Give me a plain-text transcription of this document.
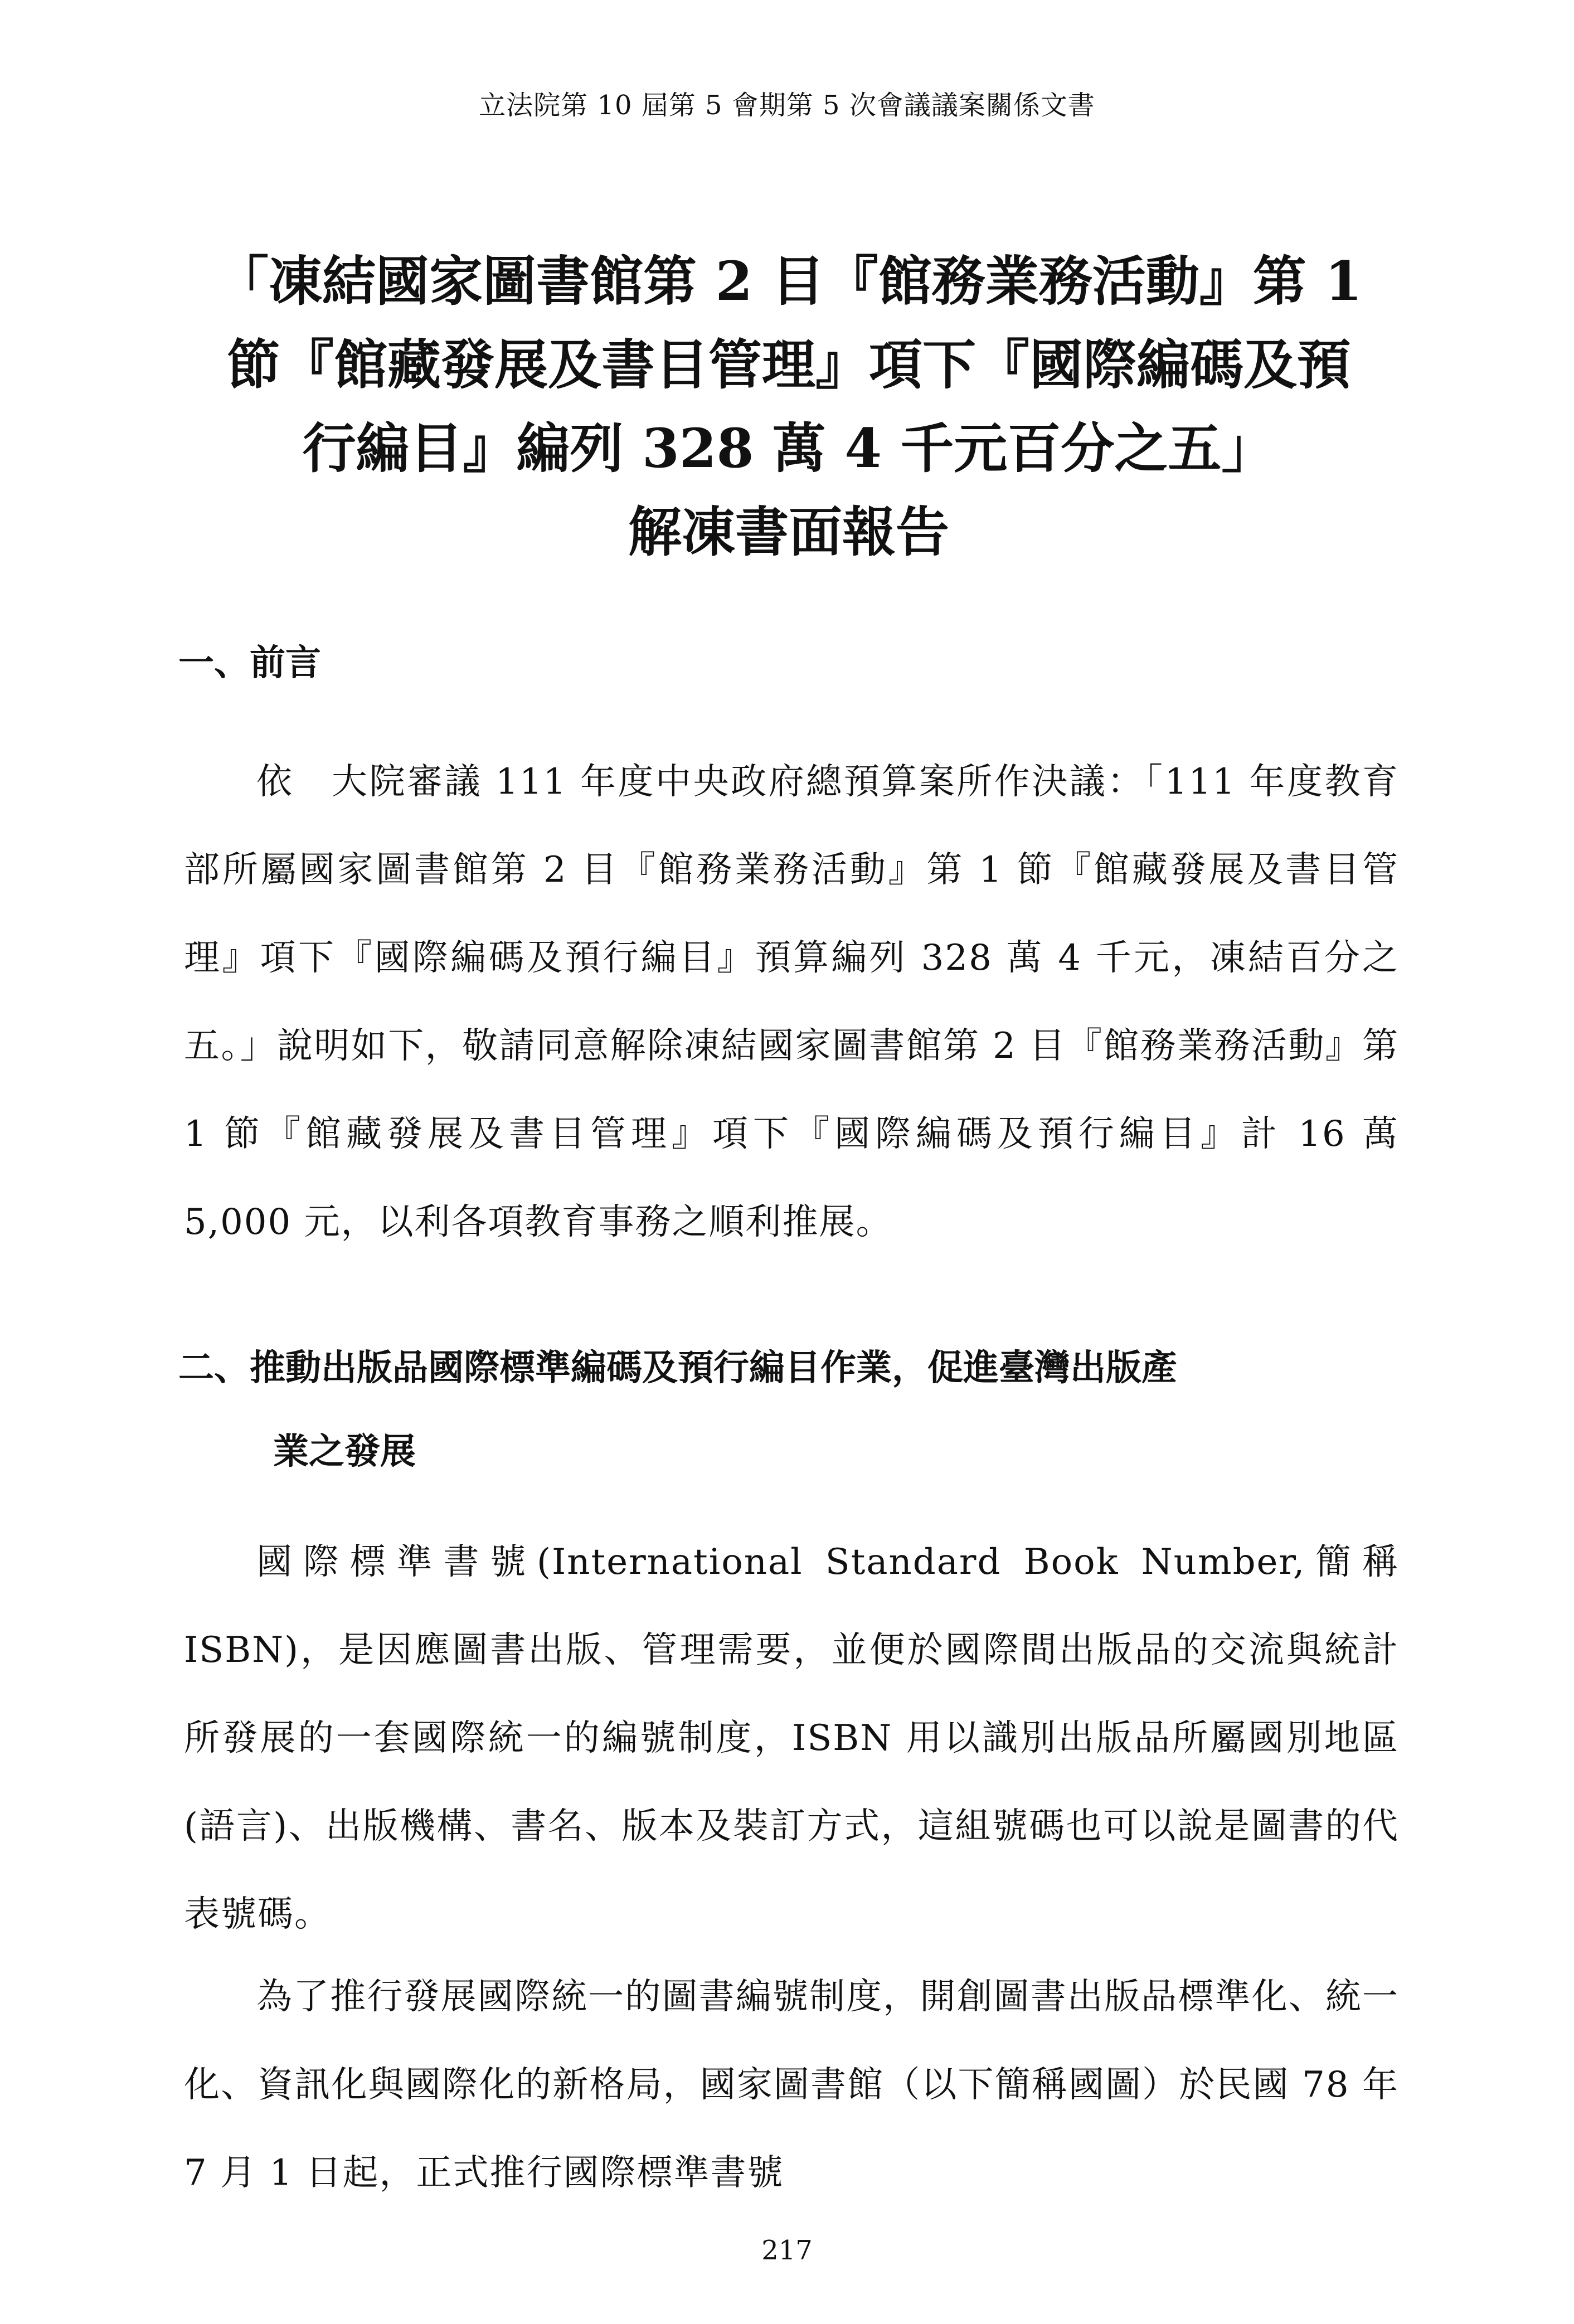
立法院第 10 屆第 5 會期第 5 次會議議案關係文書
「凍結國家圖書館第 2 目『館務業務活動』第 1
節『館藏發展及書目管理』項下『國際編碼及預
行編目』編列 328 萬 4 千元百分之五」
解凍書面報告
一、前言

依　大院審議 111 年度中央政府總預算案所作決議：「111 年度教育部所屬國家圖書館第 2 目『館務業務活動』第 1 節『館藏發展及書目管理』項下『國際編碼及預行編目』預算編列 328 萬 4 千元，凍結百分之五。」說明如下，敬請同意解除凍結國家圖書館第 2 目『館務業務活動』第 1 節『館藏發展及書目管理』項下『國際編碼及預行編目』計 16 萬 5,000 元，以利各項教育事務之順利推展。

二、推動出版品國際標準編碼及預行編目作業，促進臺灣出版產
業之發展

國際標準書號(International Standard Book Number,簡稱 ISBN)，是因應圖書出版、管理需要，並便於國際間出版品的交流與統計所發展的一套國際統一的編號制度，ISBN 用以識別出版品所屬國別地區(語言)、出版機構、書名、版本及裝訂方式，這組號碼也可以說是圖書的代表號碼。

為了推行發展國際統一的圖書編號制度，開創圖書出版品標準化、統一化、資訊化與國際化的新格局，國家圖書館（以下簡稱國圖）於民國 78 年 7 月 1 日起，正式推行國際標準書號

217
